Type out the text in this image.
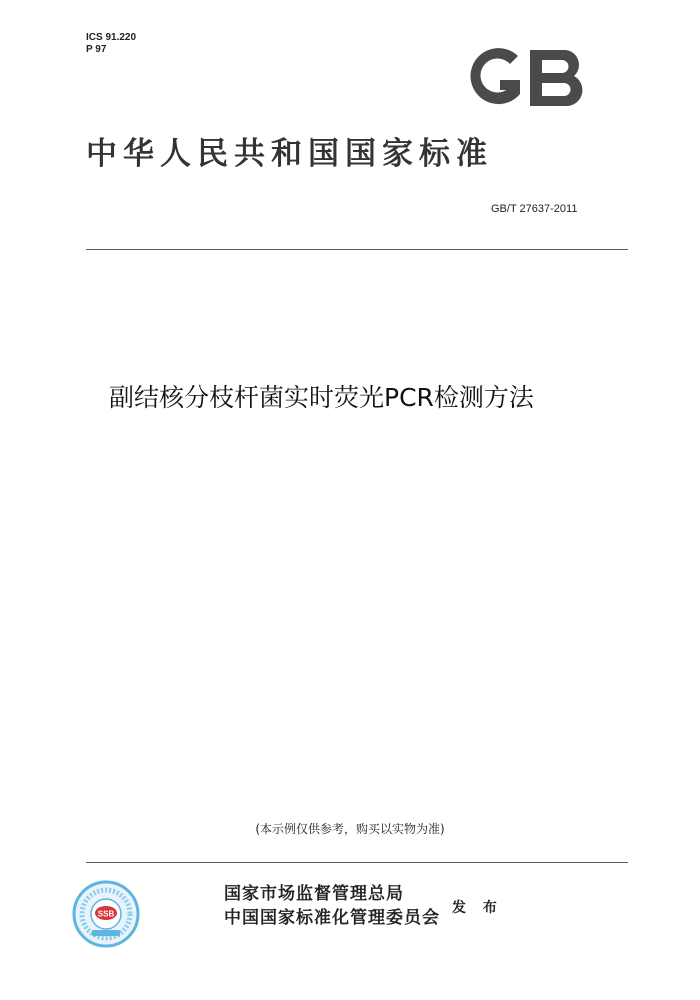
ICS 91.220
P 97
中华人民共和国国家标准
GB/T 27637-2011
副结核分枝杆菌实时荧光PCR检测方法
(本示例仅供参考，购买以实物为准)
SSB
国家市场监督管理总局
中国国家标准化管理委员会 发 布
